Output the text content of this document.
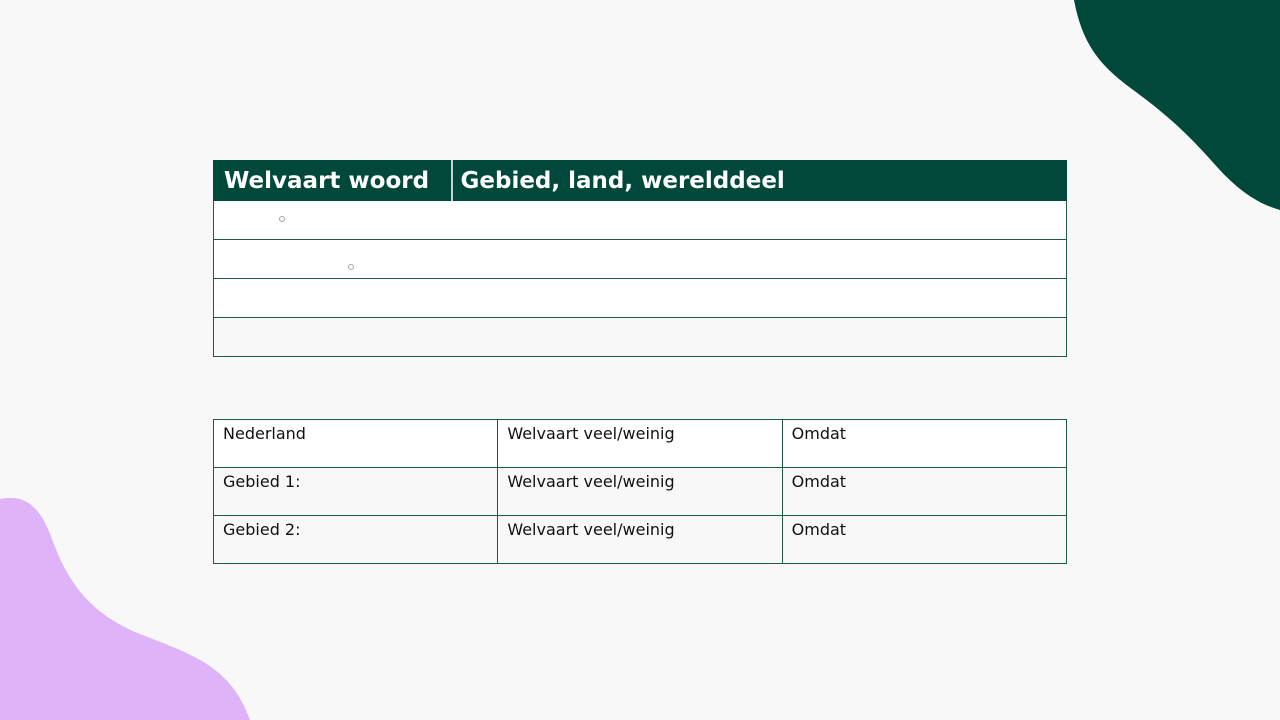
Welvaart woord	Gebied, land, werelddeel

Nederland	Welvaart veel/weinig	Omdat
Gebied 1:	Welvaart veel/weinig	Omdat
Gebied 2:	Welvaart veel/weinig	Omdat
